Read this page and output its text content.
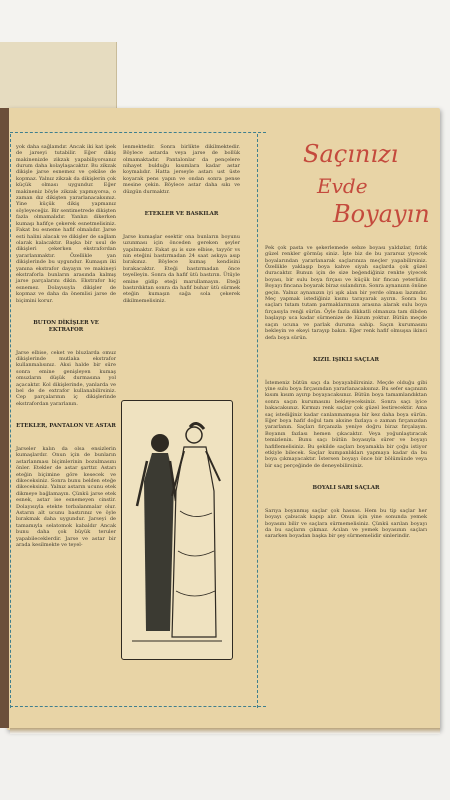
yok daha sağlamdır. Ancak iki kat ipek de jarseyi tutabilir. Eğer dikiş makinenizde zikzak yapabiliyorsanız durum daha kolaylaşacaktır. Bu zikzak dikişle jarse esnemez ve çekilse de kopmaz. Yalnız zikzak da dikişlerin çok küçük olması uygundur. Eğer makineniz böyle zikzak yapmıyorsa, o zaman dız dikişten yararlanacaksınız. Yine küçük dikiş yapmanız söyleyeceğiz. Bir sentimetrede dikişten fazla olmamalıdır. Yanlızı dikerken kumaşı hafifçe çekerek esnetmelisiniz. Fakat bu esneme hafif olmalıdır. Jarse esti halini alacak ve dikişler de sağlam olarak kalacaktır. Başka bir usul de dikişleri çekerken ekstrafordan yararlanmaktır. Özellikle yan dikişlerinde bu uygundur. Kumaşın iki yanına ekstrafor dayayın ve makineyi ekstraforla bunların arasında kalmış jarse parçalarını dikin. Ekstrafor hiç esnemez. Dolayısıyla dikişler de kopmaz ve daha da önemlisi jarse de biçimini korur.

BUTON DİKİŞLER VE EKTRAFOR

Jarse elbise, ceket ve bluzlarda omuz dikişlerinde mutlaka ekstrafor kullanmalısınız. Aksi halde bir süre sonra emine genişleyen kumaş omuzların düşük durmasına yol açacaktır. Kol dikişlerinde, yanlarda ve bel de de extrafor kullanabilirsiniz. Cep parçalarının iç dikişlerinde ekstrafordan yararlanın.

ETEKLER, PANTALON VE ASTAR

Jarseler kalın da olsa ensizlerin kumaşlardır. Onun için de bunların astarlanması biçimlerinin bozulmasını önler. Etekler de astar şarttır. Astarı eteğin biçimine göre kesecek ve dikeceksiniz. Sonra bunu belden eteğe dikeceksiniz. Yalnız astarın ucunu etek dikmeye bağlamayın. Çünkü jarse etek esnek, astar ise esnemeyen cinstir. Dolayısıyla etekte torbalanmalar olur. Astarın alt ucunu bastırınız ve öyle bırakmak daha uygundur. Jarseyi de tamamıyla selatomok kabaldır Ancak bunu daha çok büyük teruler yapabileceklerdir. Jarse ve astar bir arada kesilmekte ve teyel-

lenmektedir. Sonra birlikte dikilmektedir. Böylece astarda veya jarse de bollük olmamaktadır. Pantalonlar da pençelere nihayet bulduğu kısımlara kadar astar koymalıdır. Hatta jerseyle astarı ust üste koyarak pens yapın ve ondan sonra pense mesine çekin. Böylece astar daha sıkı ve düzgün durmaktır.

ETEKLER VE BASKILAR

Jarse kumaşlar esektir ona bunların boyunu uzunması için önceden gereken şeyler yapılmaktır. Fakat şu is sıze elbise, tayyör vs nin eteğini bastırmadan 24 saat askıya asıp bırakınız. Böylece kumaş kendisini bırakacaktır. Eteği bastırmadan önce teyelleyin. Sonra da hafif ütü bastırın. Ütüyle emine gidip eteği marullamayın. Eteği bastırdıktan sonra da hafif buhar ütü sürmek eteğin kumaşın sağa sola çekerek dikilmemelisiniz.

Saçınızı
Evde
Boyayın

Pek çok pasta ve şekerlemede sebze boyası yaldızlar, fırlık güzel renkler görmüş siniz. İşte biz de bu yararsız yiyecek boyalarından yararlanarak saçlarınıza meçler yapabilirsiniz. Özellikle yaklaşıp boya kahve siyah saçlarda çok güzel duracaktır. Bunun için de size beğendiğiniz renkte yiyecek boyası, bir sulu boya fırçası ve küçük bir fincan yeterlidir. Boyayı fincana boyarak biraz sulandırın. Sonra aynanızın önüne geçin. Yalnız aynanızın iyi ışık alan bir yerde olması lazımdır. Meç yapmak istediğiniz kısmı tarayarak ayırın. Sonra bu saçları tutam tutam parmaklarınızın arasına alarak sulu boya fırçasıyla renği sürün. Öyle fazla dikkatli olmanıza tam dibden başlayıp uca kadar sürmenize de lüzum yoktur. Bütün meçde saçın ucuna ve parlak duruma sahip. Saçın kurumasını bekleyin ve ekeyi tarayıp bakın. Eğer renk hafif olmuşsa ikinci defa boya sürün.

KIZIL IŞIKLI SAÇLAR

İstemeniz bütün saçı da boyayabilirsiniz. Meçde olduğu gibi yine sulu boya fırçasından yararlanacaksınız. Bu sefer saçınızın kısım kısım ayırıp boyayacaksınız. Bütün boya tamamlandıktan sonra saçın kurumasını bekleyeceksiniz. Sonra saçı iyice bakacaksınız. Kırmızı renk saçlar çok güzel lestirecektir. Ama saç istediğiniz kadar canlanmamışsa bir kez daha boya sürün. Eğer boya hafif doğul tam aksine fazlaya o zaman fırçanızdan yararlanın. Saçları fırçanızla yeniye doğru biraz fırçalayın. Boyanın fazlası hemen çıkacaktır. Veya yoğunlaştıracak temizlenin. Bunu saçı bütün boyasıyla sürer ve boyayı hafiflemelisiniz. Bu şekilde saçları boyamakla bir çoğu istiyor etkiyle bilecek. Saçlar kumpanlıkları yapmaya kadar da bu boya çıkmayacaktır. İstersen boyayı önce bir bölümünde veya bir saç perçeğinde de deneyebilirsiniz.

BOYALI SARI SAÇLAR

Sarıya boyanmış saçlar çok hassas. Hem bu tip saçlar her boyayı çabucak kapıp alır. Onun için yine sonunda yemek boyasını bilir ve saçlara sürmemelisiniz. Çünkü sarılan boyayı da bu saçların çıkmaz. Acılan ve yemek boyasının saçları sararken boyadan başka bir şey sürmemelidir sinlerindir.
